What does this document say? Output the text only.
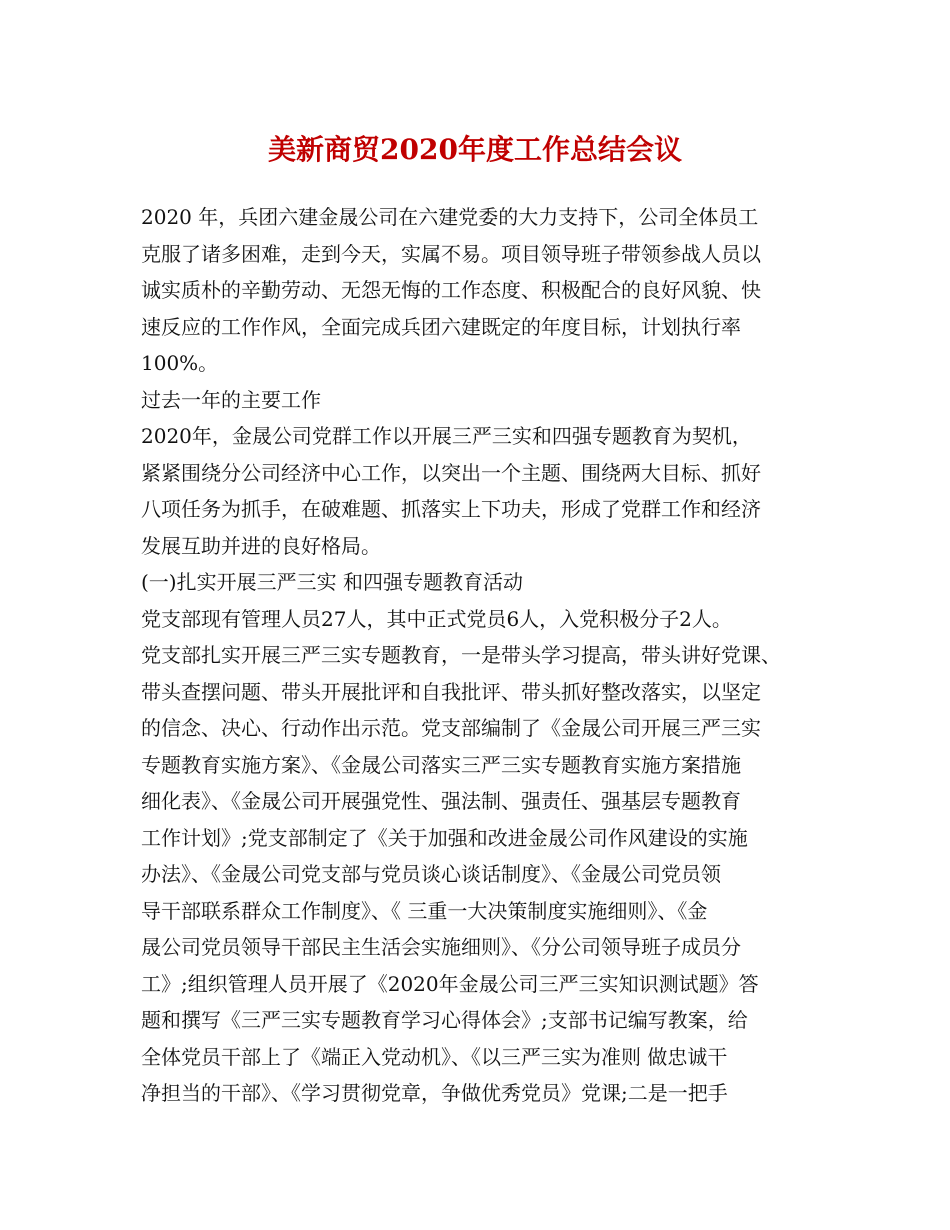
美新商贸2020年度工作总结会议
2020 年，兵团六建金晟公司在六建党委的大力支持下，公司全体员工
克服了诸多困难，走到今天，实属不易。项目领导班子带领参战人员以
诚实质朴的辛勤劳动、无怨无悔的工作态度、积极配合的良好风貌、快
速反应的工作作风，全面完成兵团六建既定的年度目标，计划执行率
100%。
过去一年的主要工作
2020年，金晟公司党群工作以开展三严三实和四强专题教育为契机，
紧紧围绕分公司经济中心工作，以突出一个主题、围绕两大目标、抓好
八项任务为抓手，在破难题、抓落实上下功夫，形成了党群工作和经济
发展互助并进的良好格局。
(一)扎实开展三严三实 和四强专题教育活动
党支部现有管理人员27人，其中正式党员6人，入党积极分子2人。
党支部扎实开展三严三实专题教育，一是带头学习提高，带头讲好党课、
带头查摆问题、带头开展批评和自我批评、带头抓好整改落实，以坚定
的信念、决心、行动作出示范。党支部编制了《金晟公司开展三严三实
专题教育实施方案》、《金晟公司落实三严三实专题教育实施方案措施
细化表》、《金晟公司开展强党性、强法制、强责任、强基层专题教育
工作计划》;党支部制定了《关于加强和改进金晟公司作风建设的实施
办法》、《金晟公司党支部与党员谈心谈话制度》、《金晟公司党员领
导干部联系群众工作制度》、《 三重一大决策制度实施细则》、《金
晟公司党员领导干部民主生活会实施细则》、《分公司领导班子成员分
工》;组织管理人员开展了《2020年金晟公司三严三实知识测试题》答
题和撰写《三严三实专题教育学习心得体会》;支部书记编写教案，给
全体党员干部上了《端正入党动机》、《以三严三实为准则 做忠诚干
净担当的干部》、《学习贯彻党章，争做优秀党员》党课;二是一把手
